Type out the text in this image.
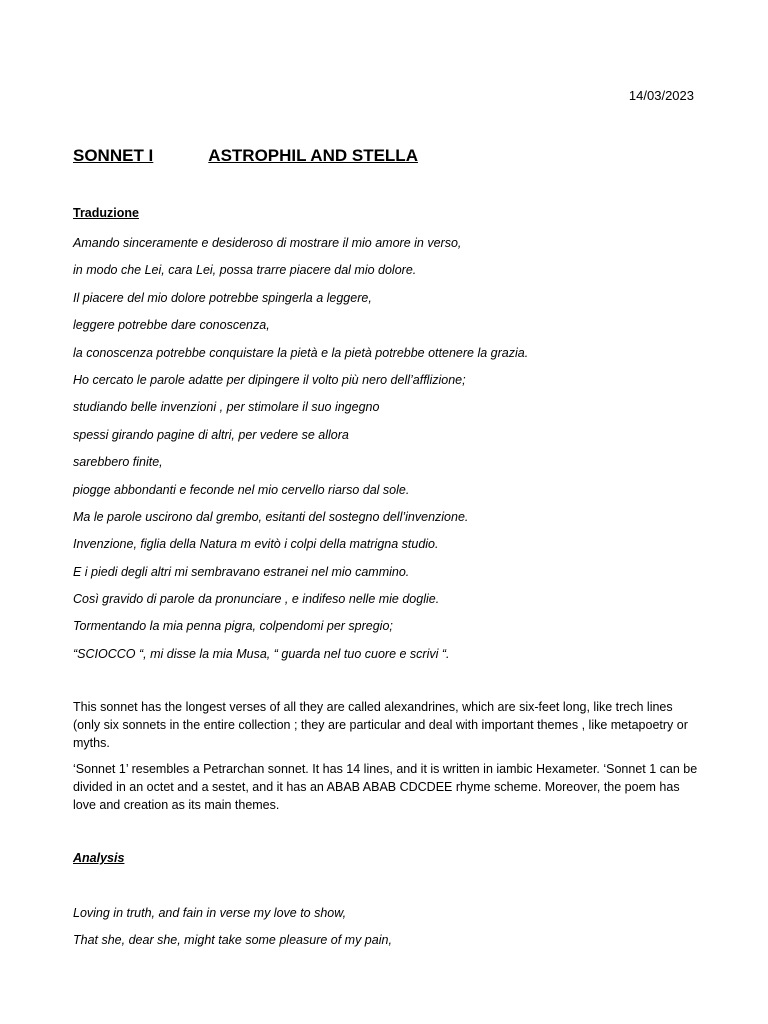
14/03/2023
SONNET I	ASTROPHIL AND STELLA
Traduzione
Amando sinceramente e desideroso di mostrare il mio amore in verso,
in modo che Lei, cara Lei, possa trarre piacere dal mio dolore.
Il piacere del mio dolore potrebbe spingerla a leggere,
leggere potrebbe dare conoscenza,
la conoscenza potrebbe conquistare la pietà e la pietà potrebbe ottenere la grazia.
Ho cercato le parole adatte per dipingere il volto più nero dell’afflizione;
studiando belle invenzioni , per stimolare il suo ingegno
spessi girando pagine di altri, per vedere se allora
sarebbero finite,
piogge abbondanti e feconde nel mio cervello riarso dal sole.
Ma le parole uscirono dal grembo, esitanti del sostegno dell’invenzione.
Invenzione, figlia della Natura m evitò i colpi della matrigna studio.
E i piedi degli altri mi sembravano estranei nel mio cammino.
Così gravido di parole da pronunciare , e indifeso nelle mie doglie.
Tormentando la mia penna pigra, colpendomi per spregio;
“SCIOCCO “, mi disse la mia Musa, “ guarda nel tuo cuore e scrivi “.
This sonnet has the longest verses of all they are called alexandrines, which are six-feet long, like trech lines (only six sonnets in the entire collection ; they are particular and deal with important themes , like metapoetry or myths.
‘Sonnet 1’ resembles a Petrarchan sonnet. It has 14 lines, and it is written in iambic Hexameter. ‘Sonnet 1 can be divided in an octet and a sestet, and it has an ABAB ABAB CDCDEE rhyme scheme. Moreover, the poem has love and creation as its main themes.
Analysis
Loving in truth, and fain in verse my love to show,
That she, dear she, might take some pleasure of my pain,
